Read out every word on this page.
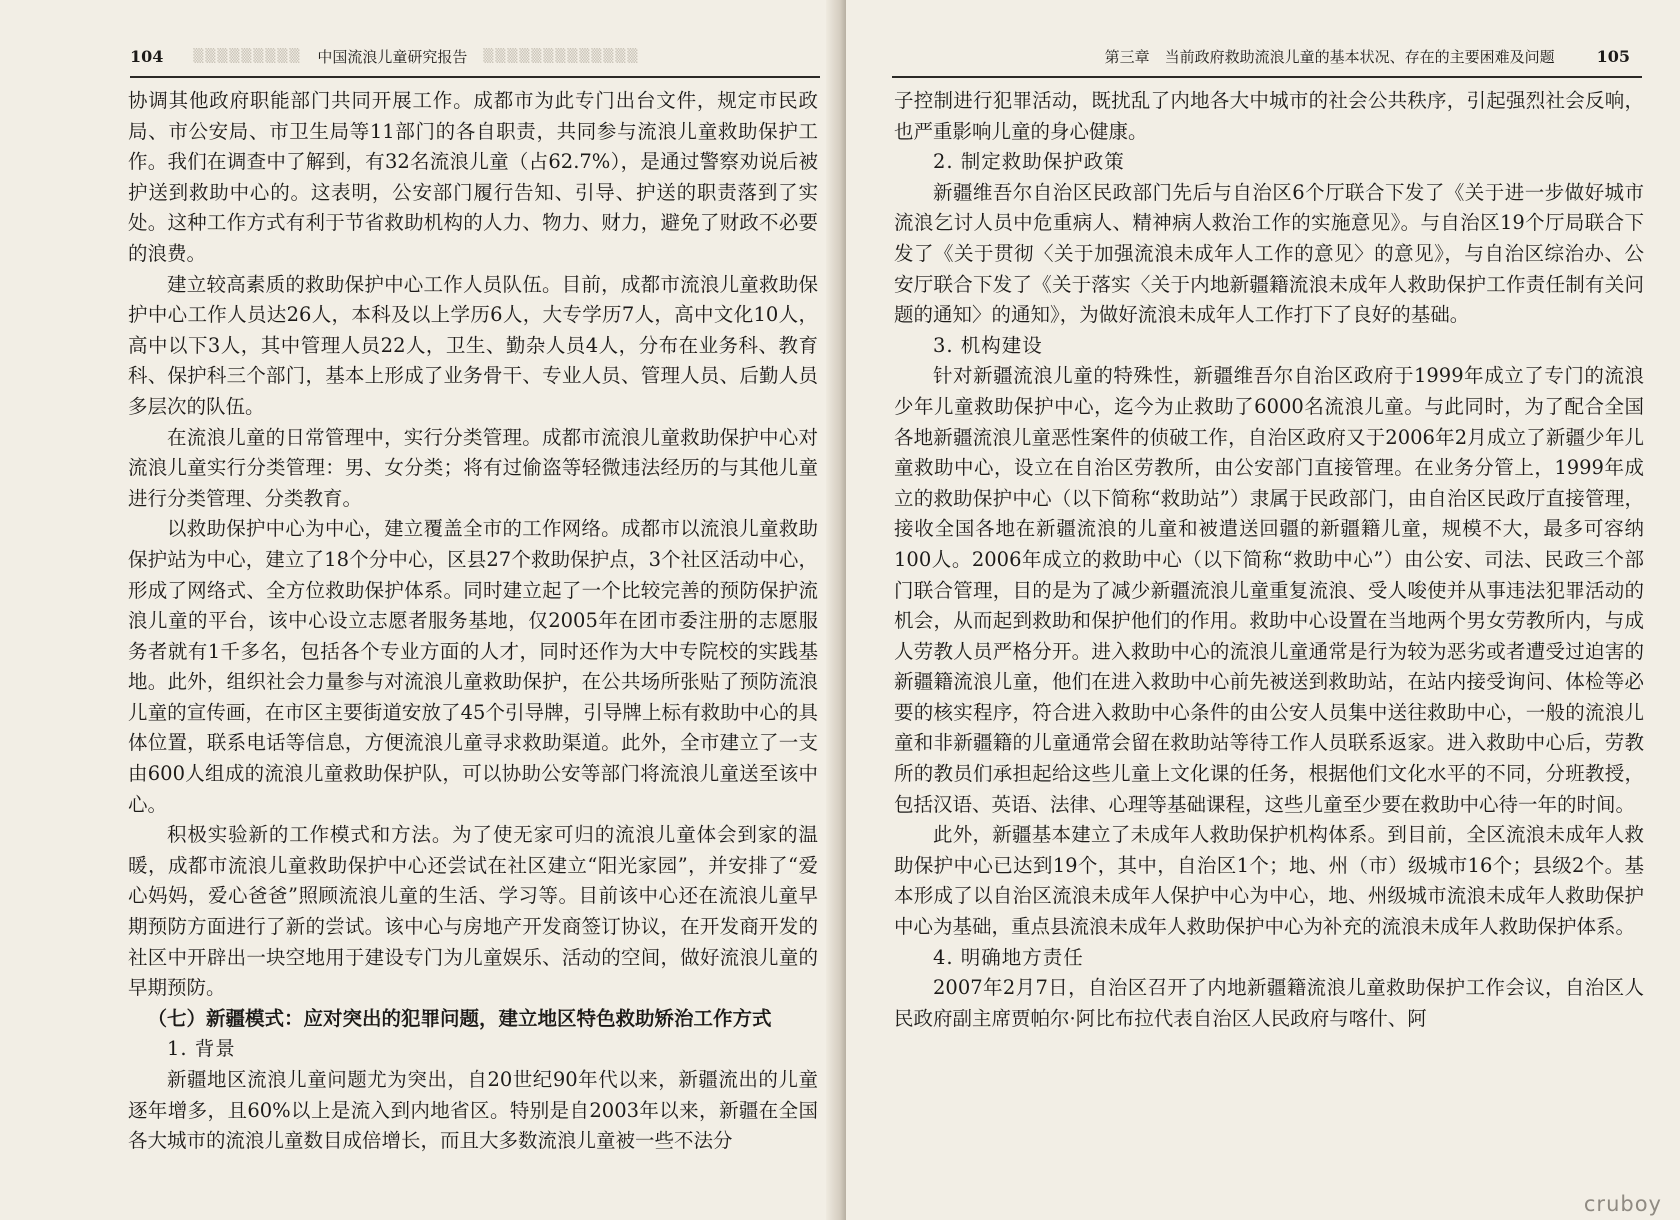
104 ▒▒▒▒▒▒▒▒▒ 中国流浪儿童研究报告 ▒▒▒▒▒▒▒▒▒▒▒▒▒

协调其他政府职能部门共同开展工作。成都市为此专门出台文件，规定市民政局、市公安局、市卫生局等11部门的各自职责，共同参与流浪儿童救助保护工作。我们在调查中了解到，有32名流浪儿童（占62.7%），是通过警察劝说后被护送到救助中心的。这表明，公安部门履行告知、引导、护送的职责落到了实处。这种工作方式有利于节省救助机构的人力、物力、财力，避免了财政不必要的浪费。

建立较高素质的救助保护中心工作人员队伍。目前，成都市流浪儿童救助保护中心工作人员达26人，本科及以上学历6人，大专学历7人，高中文化10人，高中以下3人，其中管理人员22人，卫生、勤杂人员4人，分布在业务科、教育科、保护科三个部门，基本上形成了业务骨干、专业人员、管理人员、后勤人员多层次的队伍。

在流浪儿童的日常管理中，实行分类管理。成都市流浪儿童救助保护中心对流浪儿童实行分类管理：男、女分类；将有过偷盗等轻微违法经历的与其他儿童进行分类管理、分类教育。

以救助保护中心为中心，建立覆盖全市的工作网络。成都市以流浪儿童救助保护站为中心，建立了18个分中心，区县27个救助保护点，3个社区活动中心，形成了网络式、全方位救助保护体系。同时建立起了一个比较完善的预防保护流浪儿童的平台，该中心设立志愿者服务基地，仅2005年在团市委注册的志愿服务者就有1千多名，包括各个专业方面的人才，同时还作为大中专院校的实践基地。此外，组织社会力量参与对流浪儿童救助保护，在公共场所张贴了预防流浪儿童的宣传画，在市区主要街道安放了45个引导牌，引导牌上标有救助中心的具体位置，联系电话等信息，方便流浪儿童寻求救助渠道。此外，全市建立了一支由600人组成的流浪儿童救助保护队，可以协助公安等部门将流浪儿童送至该中心。

积极实验新的工作模式和方法。为了使无家可归的流浪儿童体会到家的温暖，成都市流浪儿童救助保护中心还尝试在社区建立“阳光家园”，并安排了“爱心妈妈，爱心爸爸”照顾流浪儿童的生活、学习等。目前该中心还在流浪儿童早期预防方面进行了新的尝试。该中心与房地产开发商签订协议，在开发商开发的社区中开辟出一块空地用于建设专门为儿童娱乐、活动的空间，做好流浪儿童的早期预防。

（七）新疆模式：应对突出的犯罪问题，建立地区特色救助矫治工作方式

1. 背景

新疆地区流浪儿童问题尤为突出，自20世纪90年代以来，新疆流出的儿童逐年增多，且60%以上是流入到内地省区。特别是自2003年以来，新疆在全国各大城市的流浪儿童数目成倍增长，而且大多数流浪儿童被一些不法分

第三章　当前政府救助流浪儿童的基本状况、存在的主要困难及问题	105

子控制进行犯罪活动，既扰乱了内地各大中城市的社会公共秩序，引起强烈社会反响，也严重影响儿童的身心健康。

2. 制定救助保护政策

新疆维吾尔自治区民政部门先后与自治区6个厅联合下发了《关于进一步做好城市流浪乞讨人员中危重病人、精神病人救治工作的实施意见》。与自治区19个厅局联合下发了《关于贯彻〈关于加强流浪未成年人工作的意见〉的意见》，与自治区综治办、公安厅联合下发了《关于落实〈关于内地新疆籍流浪未成年人救助保护工作责任制有关问题的通知〉的通知》，为做好流浪未成年人工作打下了良好的基础。

3. 机构建设

针对新疆流浪儿童的特殊性，新疆维吾尔自治区政府于1999年成立了专门的流浪少年儿童救助保护中心，迄今为止救助了6000名流浪儿童。与此同时，为了配合全国各地新疆流浪儿童恶性案件的侦破工作，自治区政府又于2006年2月成立了新疆少年儿童救助中心，设立在自治区劳教所，由公安部门直接管理。在业务分管上，1999年成立的救助保护中心（以下简称“救助站”）隶属于民政部门，由自治区民政厅直接管理，接收全国各地在新疆流浪的儿童和被遣送回疆的新疆籍儿童，规模不大，最多可容纳100人。2006年成立的救助中心（以下简称“救助中心”）由公安、司法、民政三个部门联合管理，目的是为了减少新疆流浪儿童重复流浪、受人唆使并从事违法犯罪活动的机会，从而起到救助和保护他们的作用。救助中心设置在当地两个男女劳教所内，与成人劳教人员严格分开。进入救助中心的流浪儿童通常是行为较为恶劣或者遭受过迫害的新疆籍流浪儿童，他们在进入救助中心前先被送到救助站，在站内接受询问、体检等必要的核实程序，符合进入救助中心条件的由公安人员集中送往救助中心，一般的流浪儿童和非新疆籍的儿童通常会留在救助站等待工作人员联系返家。进入救助中心后，劳教所的教员们承担起给这些儿童上文化课的任务，根据他们文化水平的不同，分班教授，包括汉语、英语、法律、心理等基础课程，这些儿童至少要在救助中心待一年的时间。

此外，新疆基本建立了未成年人救助保护机构体系。到目前，全区流浪未成年人救助保护中心已达到19个，其中，自治区1个；地、州（市）级城市16个；县级2个。基本形成了以自治区流浪未成年人保护中心为中心，地、州级城市流浪未成年人救助保护中心为基础，重点县流浪未成年人救助保护中心为补充的流浪未成年人救助保护体系。

4. 明确地方责任

2007年2月7日，自治区召开了内地新疆籍流浪儿童救助保护工作会议，自治区人民政府副主席贾帕尔·阿比布拉代表自治区人民政府与喀什、阿

cruboy
